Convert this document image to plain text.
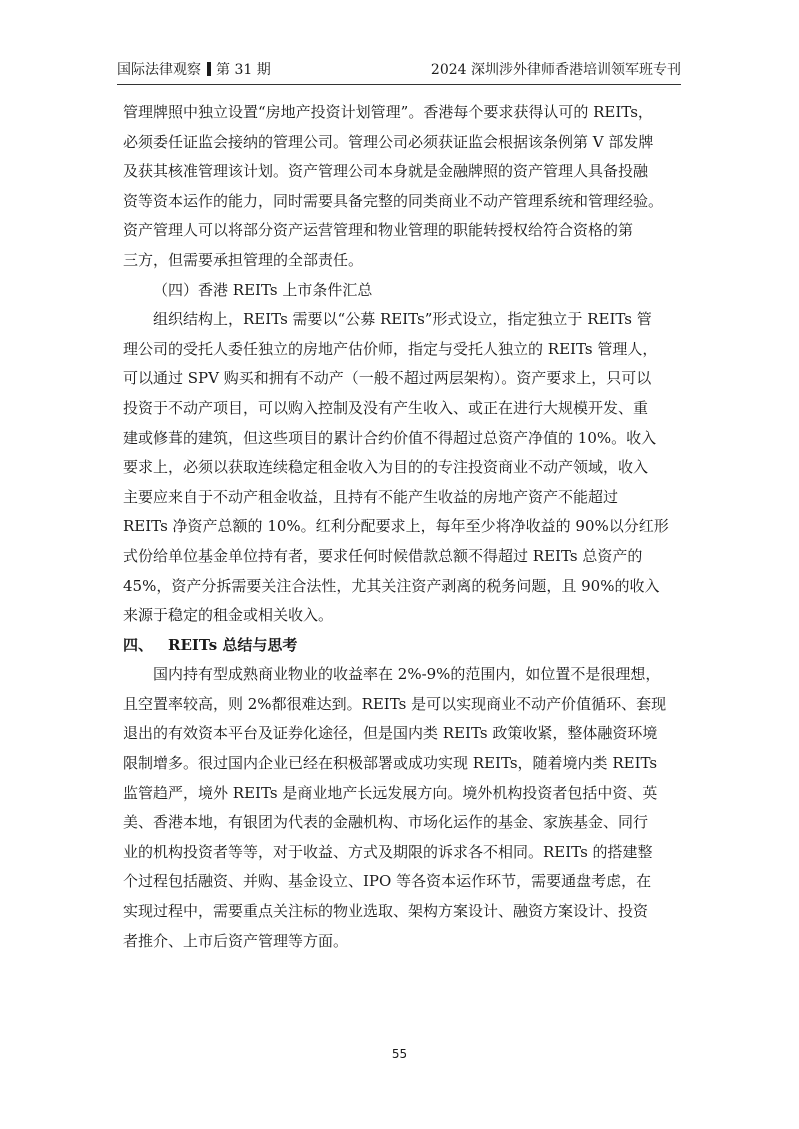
国际法律观察 第 31 期	2024 深圳涉外律师香港培训领军班专刊
管理牌照中独立设置“房地产投资计划管理”。香港每个要求获得认可的 REITs，
必须委任证监会接纳的管理公司。管理公司必须获证监会根据该条例第 V 部发牌
及获其核准管理该计划。资产管理公司本身就是金融牌照的资产管理人具备投融
资等资本运作的能力，同时需要具备完整的同类商业不动产管理系统和管理经验。
资产管理人可以将部分资产运营管理和物业管理的职能转授权给符合资格的第
三方，但需要承担管理的全部责任。
（四）香港 REITs 上市条件汇总
组织结构上，REITs 需要以“公募 REITs”形式设立，指定独立于 REITs 管
理公司的受托人委任独立的房地产估价师，指定与受托人独立的 REITs 管理人，
可以通过 SPV 购买和拥有不动产（一般不超过两层架构）。资产要求上，只可以
投资于不动产项目，可以购入控制及没有产生收入、或正在进行大规模开发、重
建或修葺的建筑，但这些项目的累计合约价值不得超过总资产净值的 10%。收入
要求上，必须以获取连续稳定租金收入为目的的专注投资商业不动产领域，收入
主要应来自于不动产租金收益，且持有不能产生收益的房地产资产不能超过
REITs 净资产总额的 10%。红利分配要求上，每年至少将净收益的 90%以分红形
式份给单位基金单位持有者，要求任何时候借款总额不得超过 REITs 总资产的
45%，资产分拆需要关注合法性，尤其关注资产剥离的税务问题，且 90%的收入
来源于稳定的租金或相关收入。
四、 REITs 总结与思考
国内持有型成熟商业物业的收益率在 2%-9%的范围内，如位置不是很理想，
且空置率较高，则 2%都很难达到。REITs 是可以实现商业不动产价值循环、套现
退出的有效资本平台及证券化途径，但是国内类 REITs 政策收紧，整体融资环境
限制增多。很过国内企业已经在积极部署或成功实现 REITs，随着境内类 REITs
监管趋严，境外 REITs 是商业地产长远发展方向。境外机构投资者包括中资、英
美、香港本地，有银团为代表的金融机构、市场化运作的基金、家族基金、同行
业的机构投资者等等，对于收益、方式及期限的诉求各不相同。REITs 的搭建整
个过程包括融资、并购、基金设立、IPO 等各资本运作环节，需要通盘考虑，在
实现过程中，需要重点关注标的物业选取、架构方案设计、融资方案设计、投资
者推介、上市后资产管理等方面。
55
